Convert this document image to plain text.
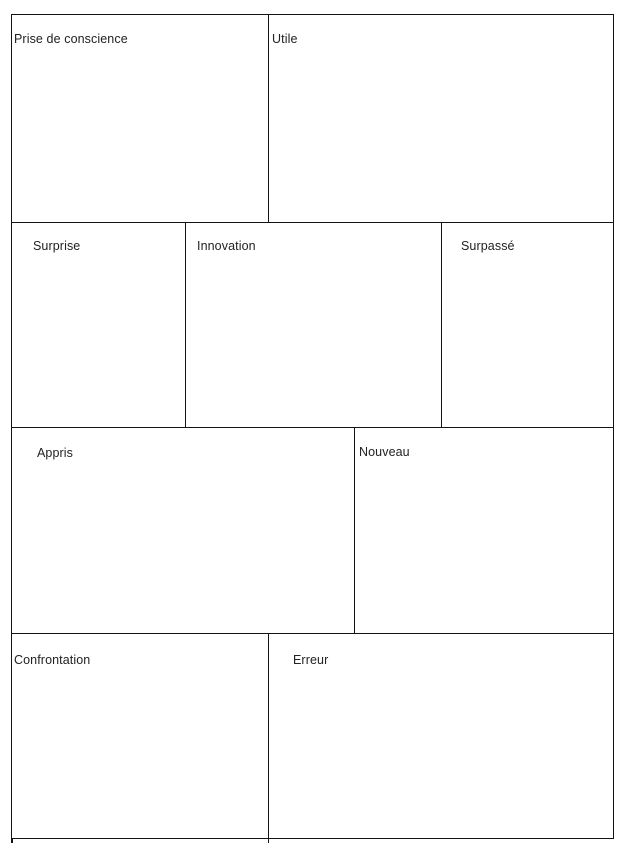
Prise de conscience	Utile
Surprise	Innovation	Surpassé
Appris	Nouveau
Confrontation	Erreur
